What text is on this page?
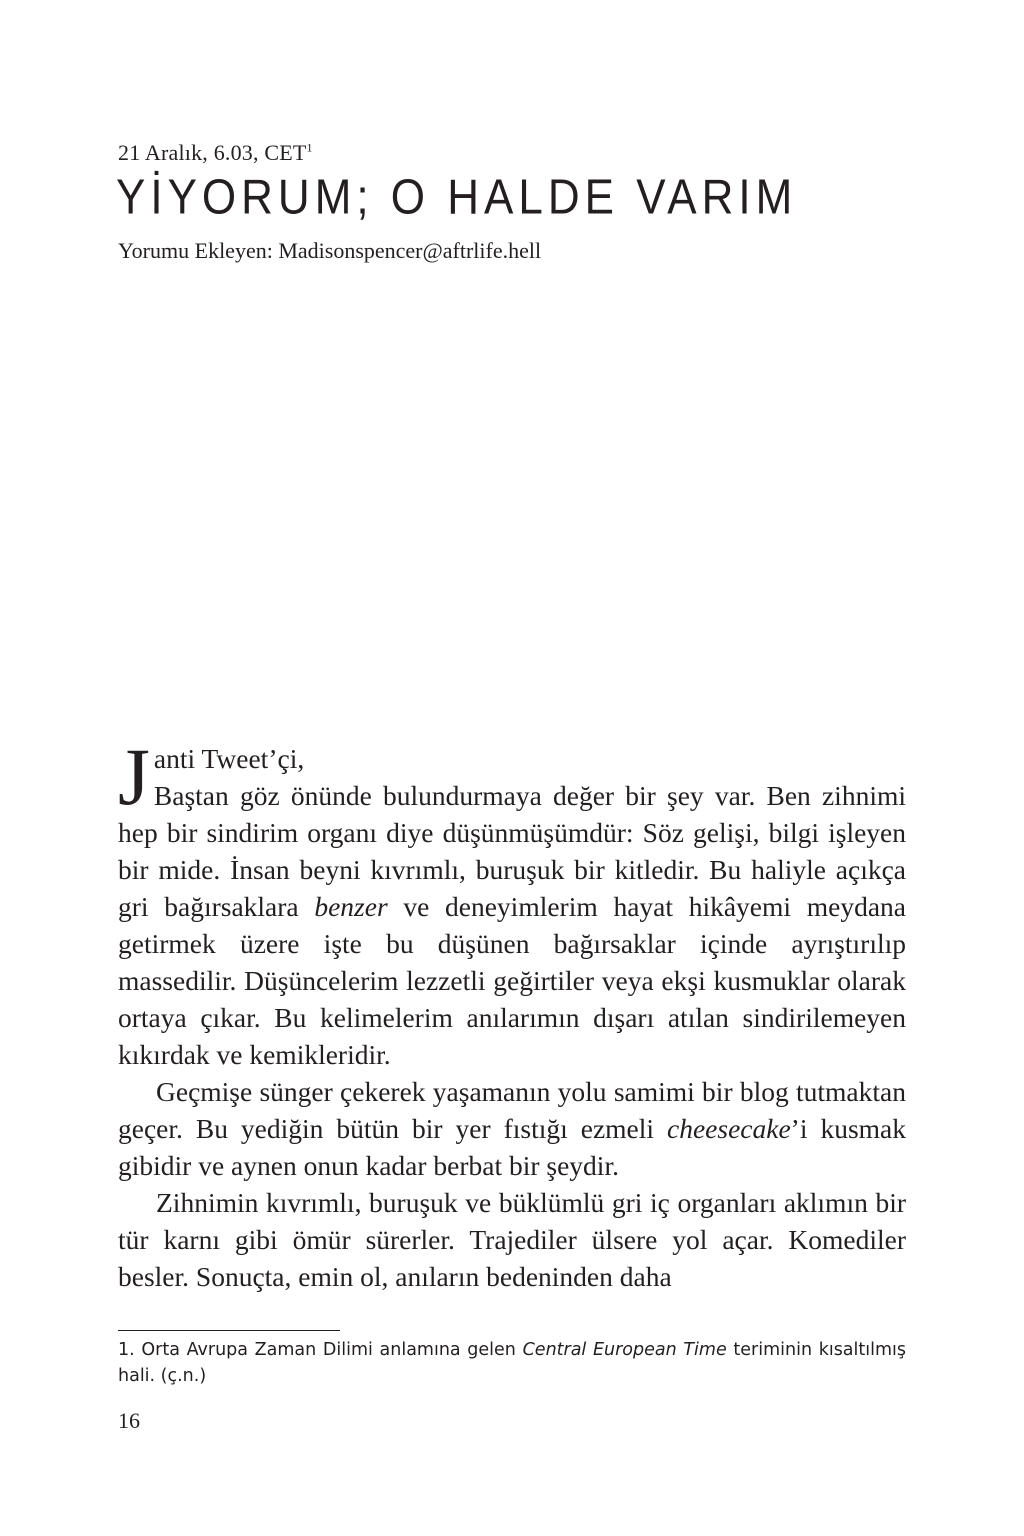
21 Aralık, 6.03, CET$^1$
YİYORUM; O HALDE VARIM
Yorumu Ekleyen: Madisonspencer@aftrlife.hell

Janti Tweet’çi,
Baştan göz önünde bulundurmaya değer bir şey var. Ben zihnimi hep bir sindirim organı diye düşünmüşümdür: Söz gelişi, bilgi işleyen bir mide. İnsan beyni kıvrımlı, buruşuk bir kitledir. Bu haliyle açıkça gri bağırsaklara benzer ve deneyimlerim hayat hikâyemi meydana getirmek üzere işte bu düşünen bağırsaklar içinde ayrıştırılıp massedilir. Düşüncelerim lezzetli geğirtiler veya ekşi kusmuklar olarak ortaya çıkar. Bu kelimelerim anılarımın dışarı atılan sindirilemeyen kıkırdak ve kemikleridir.

Geçmişe sünger çekerek yaşamanın yolu samimi bir blog tutmaktan geçer. Bu yediğin bütün bir yer fıstığı ezmeli cheesecake’i kusmak gibidir ve aynen onun kadar berbat bir şeydir.

Zihnimin kıvrımlı, buruşuk ve büklümlü gri iç organları aklımın bir tür karnı gibi ömür sürerler. Trajediler ülsere yol açar. Komediler besler. Sonuçta, emin ol, anıların bedeninden daha

1. Orta Avrupa Zaman Dilimi anlamına gelen Central European Time teriminin kısaltılmış hali. (ç.n.)
16
